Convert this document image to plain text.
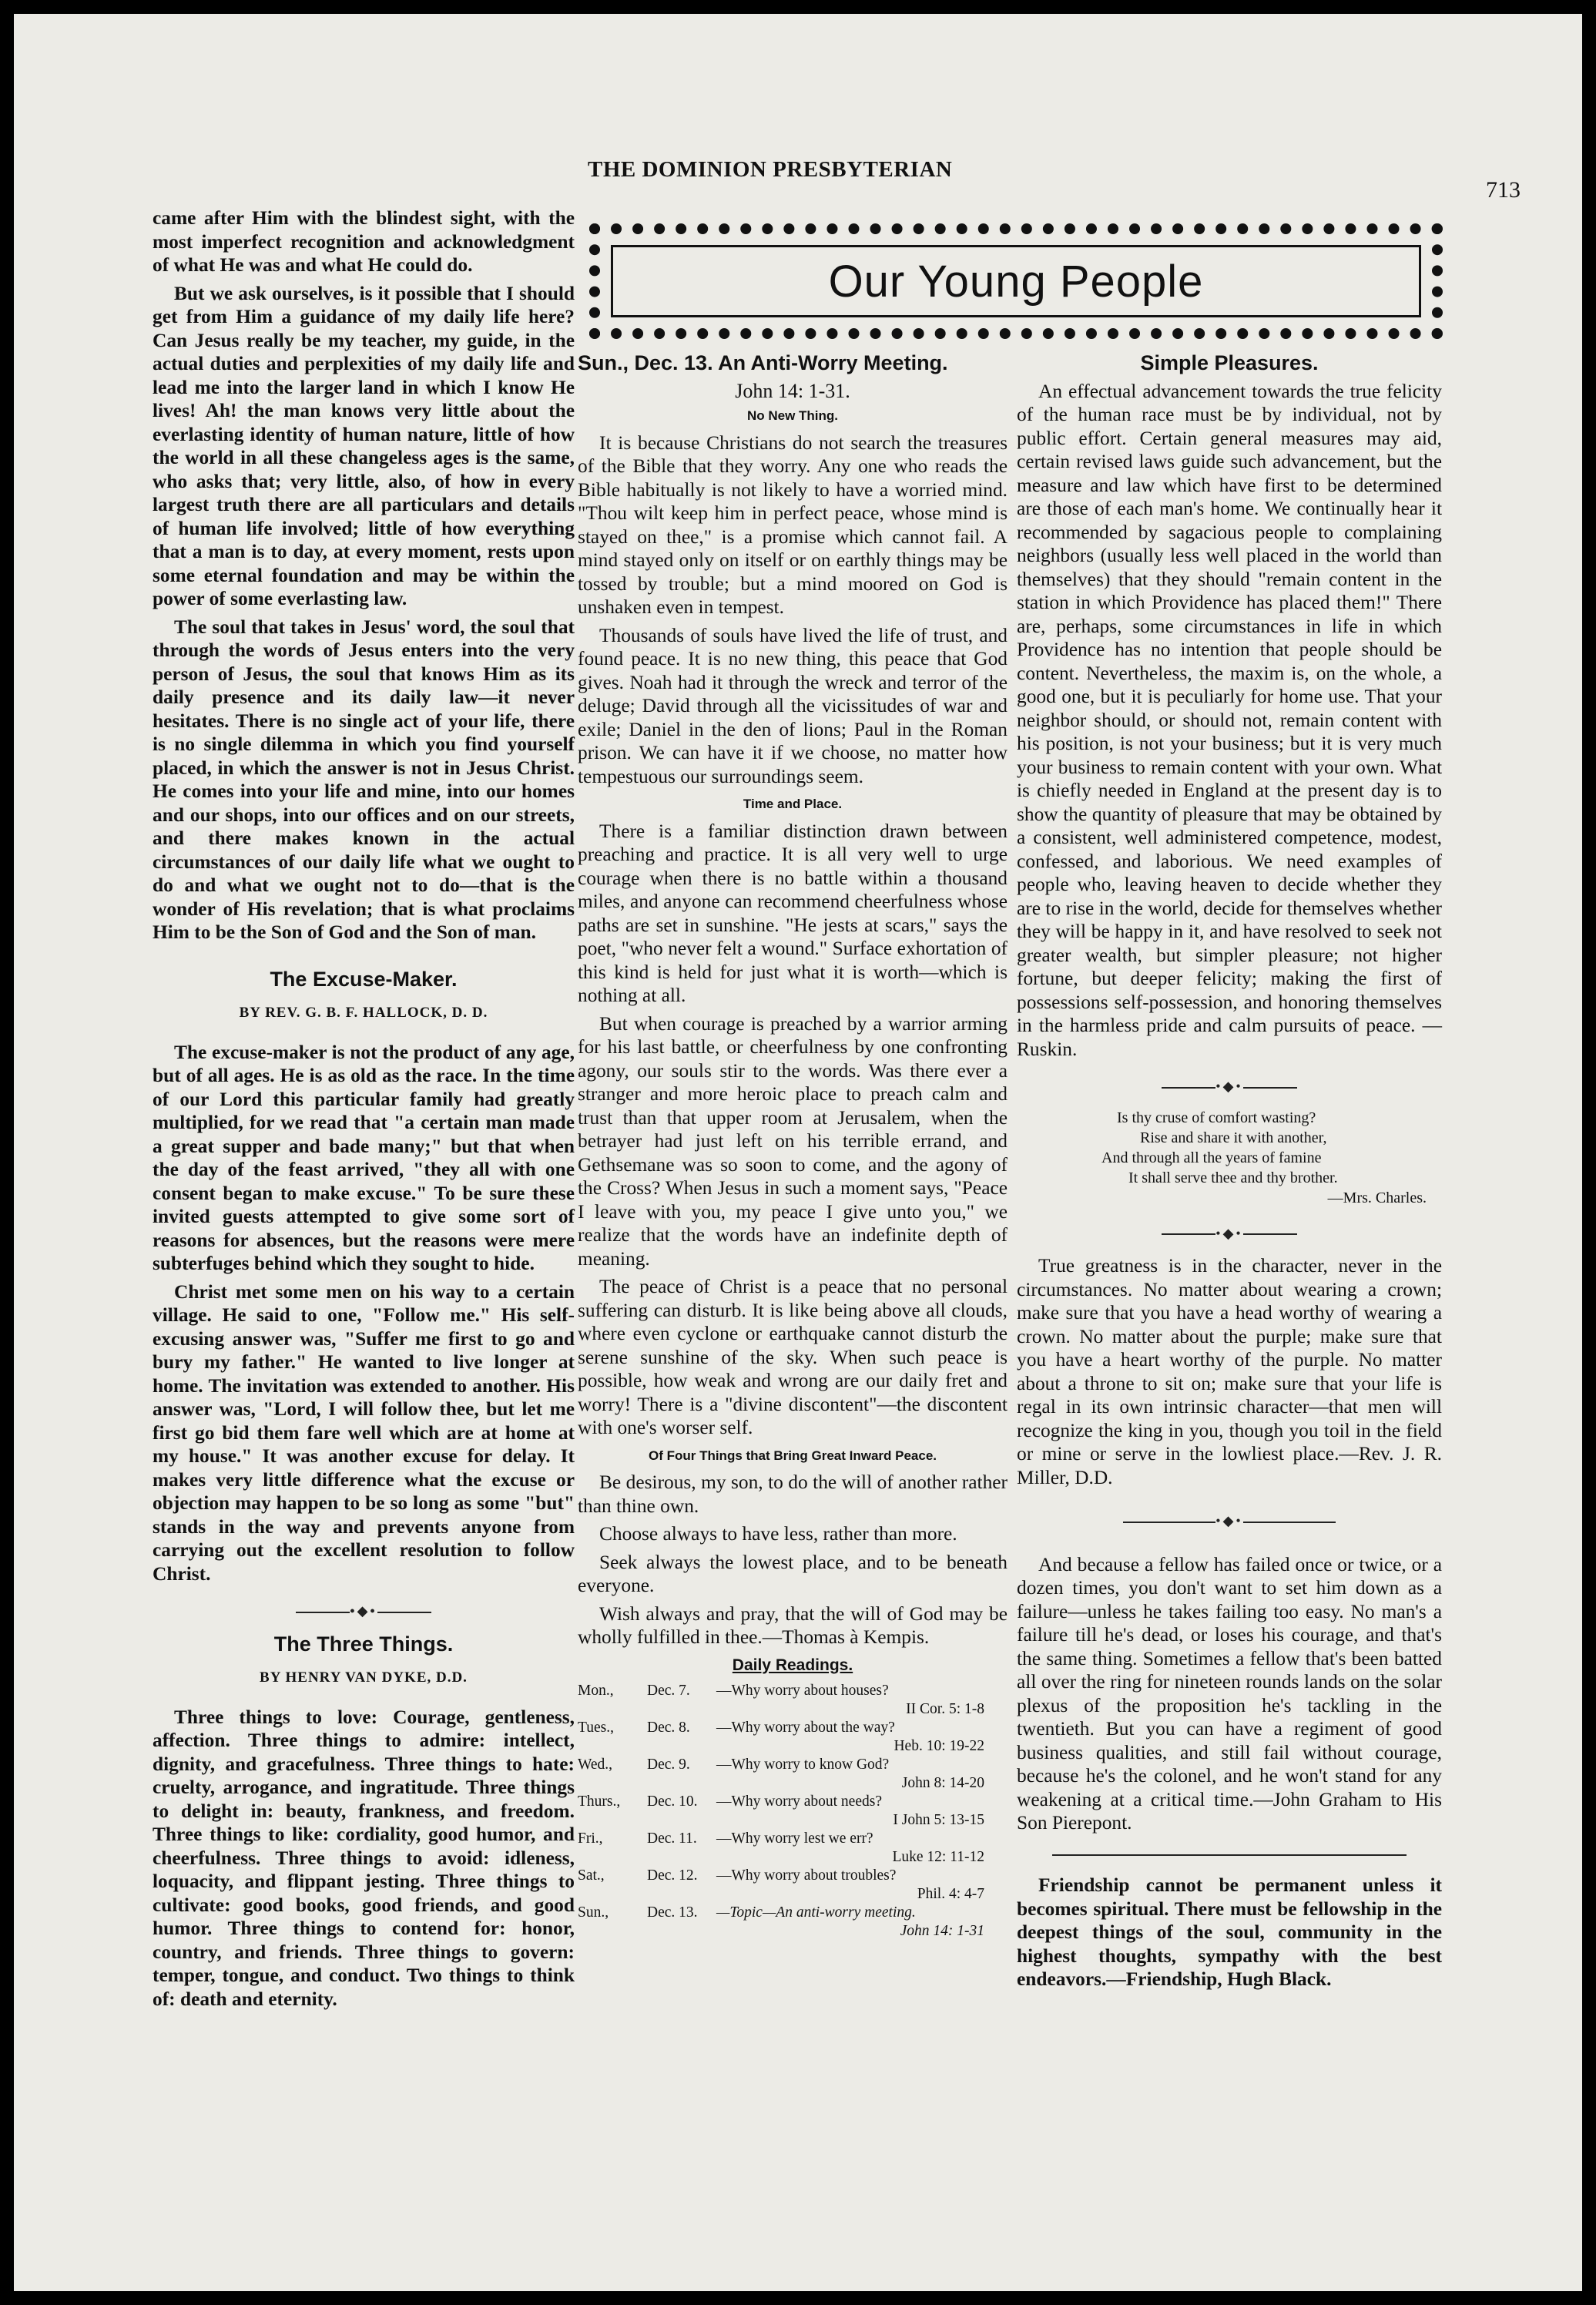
THE DOMINION PRESBYTERIAN
713

came after Him with the blindest sight, with the most imperfect recognition and acknowledgment of what He was and what He could do.

But we ask ourselves, is it possible that I should get from Him a guidance of my daily life here? Can Jesus really be my teacher, my guide, in the actual duties and perplexities of my daily life and lead me into the larger land in which I know He lives! Ah! the man knows very little about the everlasting identity of human nature, little of how the world in all these changeless ages is the same, who asks that; very little, also, of how in every largest truth there are all particulars and details of human life involved; little of how everything that a man is to day, at every moment, rests upon some eternal foundation and may be within the power of some everlasting law.

The soul that takes in Jesus' word, the soul that through the words of Jesus enters into the very person of Jesus, the soul that knows Him as its daily presence and its daily law—it never hesitates. There is no single act of your life, there is no single dilemma in which you find yourself placed, in which the answer is not in Jesus Christ. He comes into your life and mine, into our homes and our shops, into our offices and on our streets, and there makes known in the actual circumstances of our daily life what we ought to do and what we ought not to do—that is the wonder of His revelation; that is what proclaims Him to be the Son of God and the Son of man.

The Excuse-Maker.
BY REV. G. B. F. HALLOCK, D. D.

The excuse-maker is not the product of any age, but of all ages. He is as old as the race. In the time of our Lord this particular family had greatly multiplied, for we read that "a certain man made a great supper and bade many;" but that when the day of the feast arrived, "they all with one consent began to make excuse." To be sure these invited guests attempted to give some sort of reasons for absences, but the reasons were mere subterfuges behind which they sought to hide.

Christ met some men on his way to a certain village. He said to one, "Follow me." His self-excusing answer was, "Suffer me first to go and bury my father." He wanted to live longer at home. The invitation was extended to another. His answer was, "Lord, I will follow thee, but let me first go bid them fare well which are at home at my house." It was another excuse for delay. It makes very little difference what the excuse or objection may happen to be so long as some "but" stands in the way and prevents anyone from carrying out the excellent resolution to follow Christ.

•◆•
The Three Things.
BY HENRY VAN DYKE, D.D.

Three things to love: Courage, gentleness, affection. Three things to admire: intellect, dignity, and gracefulness. Three things to hate: cruelty, arrogance, and ingratitude. Three things to delight in: beauty, frankness, and freedom. Three things to like: cordiality, good humor, and cheerfulness. Three things to avoid: idleness, loquacity, and flippant jesting. Three things to cultivate: good books, good friends, and good humor. Three things to contend for: honor, country, and friends. Three things to govern: temper, tongue, and conduct. Two things to think of: death and eternity.

Our Young People
Sun., Dec. 13. An Anti-Worry Meeting.
John 14: 1-31.
No New Thing.

It is because Christians do not search the treasures of the Bible that they worry. Any one who reads the Bible habitually is not likely to have a worried mind. "Thou wilt keep him in perfect peace, whose mind is stayed on thee," is a promise which cannot fail. A mind stayed only on itself or on earthly things may be tossed by trouble; but a mind moored on God is unshaken even in tempest.

Thousands of souls have lived the life of trust, and found peace. It is no new thing, this peace that God gives. Noah had it through the wreck and terror of the deluge; David through all the vicissitudes of war and exile; Daniel in the den of lions; Paul in the Roman prison. We can have it if we choose, no matter how tempestuous our surroundings seem.

Time and Place.

There is a familiar distinction drawn between preaching and practice. It is all very well to urge courage when there is no battle within a thousand miles, and anyone can recommend cheerfulness whose paths are set in sunshine. "He jests at scars," says the poet, "who never felt a wound." Surface exhortation of this kind is held for just what it is worth—which is nothing at all.

But when courage is preached by a warrior arming for his last battle, or cheerfulness by one confronting agony, our souls stir to the words. Was there ever a stranger and more heroic place to preach calm and trust than that upper room at Jerusalem, when the betrayer had just left on his terrible errand, and Gethsemane was so soon to come, and the agony of the Cross? When Jesus in such a moment says, "Peace I leave with you, my peace I give unto you," we realize that the words have an indefinite depth of meaning.

The peace of Christ is a peace that no personal suffering can disturb. It is like being above all clouds, where even cyclone or earthquake cannot disturb the serene sunshine of the sky. When such peace is possible, how weak and wrong are our daily fret and worry! There is a "divine discontent"—the discontent with one's worser self.

Of Four Things that Bring Great Inward Peace.

Be desirous, my son, to do the will of another rather than thine own.

Choose always to have less, rather than more.

Seek always the lowest place, and to be beneath everyone.

Wish always and pray, that the will of God may be wholly fulfilled in thee.—Thomas à Kempis.

Daily Readings.
Mon.,	Dec. 7.	—Why worry about houses?
II Cor. 5: 1-8
Tues.,	Dec. 8.	—Why worry about the way?
Heb. 10: 19-22
Wed.,	Dec. 9.	—Why worry to know God?
John 8: 14-20
Thurs.,	Dec. 10.	—Why worry about needs?
I John 5: 13-15
Fri.,	Dec. 11.	—Why worry lest we err?
Luke 12: 11-12
Sat.,	Dec. 12.	—Why worry about troubles?
Phil. 4: 4-7
Sun.,	Dec. 13.	—Topic—An anti-worry meeting.
John 14: 1-31
Simple Pleasures.

An effectual advancement towards the true felicity of the human race must be by individual, not by public effort. Certain general measures may aid, certain revised laws guide such advancement, but the measure and law which have first to be determined are those of each man's home. We continually hear it recommended by sagacious people to complaining neighbors (usually less well placed in the world than themselves) that they should "remain content in the station in which Providence has placed them!" There are, perhaps, some circumstances in life in which Providence has no intention that people should be content. Nevertheless, the maxim is, on the whole, a good one, but it is peculiarly for home use. That your neighbor should, or should not, remain content with his position, is not your business; but it is very much your business to remain content with your own. What is chiefly needed in England at the present day is to show the quantity of pleasure that may be obtained by a consistent, well administered competence, modest, confessed, and laborious. We need examples of people who, leaving heaven to decide whether they are to rise in the world, decide for themselves whether they will be happy in it, and have resolved to seek not greater wealth, but simpler pleasure; not higher fortune, but deeper felicity; making the first of possessions self-possession, and honoring themselves in the harmless pride and calm pursuits of peace. —Ruskin.

•◆•
Is thy cruse of comfort wasting?
Rise and share it with another,
And through all the years of famine
It shall serve thee and thy brother.
—Mrs. Charles.
•◆•

True greatness is in the character, never in the circumstances. No matter about wearing a crown; make sure that you have a head worthy of wearing a crown. No matter about the purple; make sure that you have a heart worthy of the purple. No matter about a throne to sit on; make sure that your life is regal in its own intrinsic character—that men will recognize the king in you, though you toil in the field or mine or serve in the lowliest place.—Rev. J. R. Miller, D.D.

•◆•

And because a fellow has failed once or twice, or a dozen times, you don't want to set him down as a failure—unless he takes failing too easy. No man's a failure till he's dead, or loses his courage, and that's the same thing. Sometimes a fellow that's been batted all over the ring for nineteen rounds lands on the solar plexus of the proposition he's tackling in the twentieth. But you can have a regiment of good business qualities, and still fail without courage, because he's the colonel, and he won't stand for any weakening at a critical time.—John Graham to His Son Pierepont.

Friendship cannot be permanent unless it becomes spiritual. There must be fellowship in the deepest things of the soul, community in the highest thoughts, sympathy with the best endeavors.—Friendship, Hugh Black.
